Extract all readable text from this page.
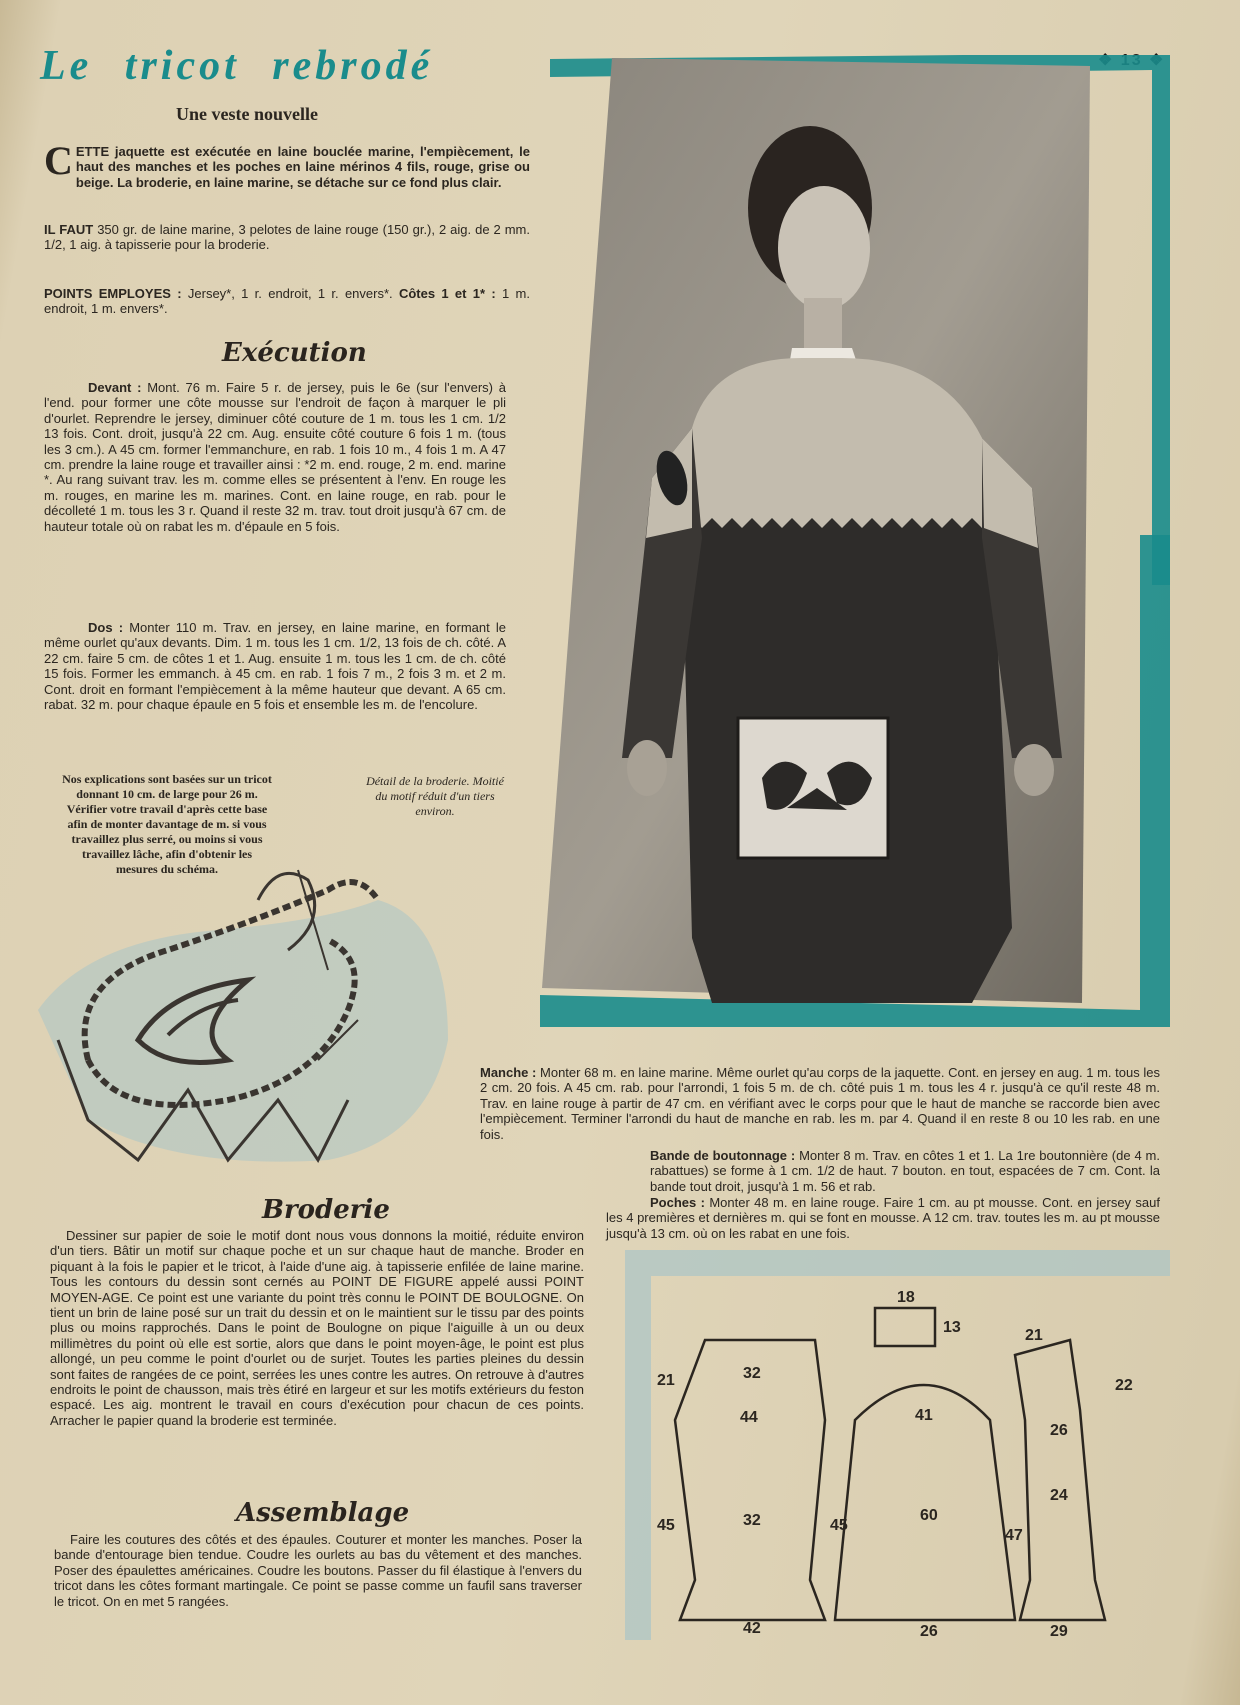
Le tricot rebrodé
Une veste nouvelle
CETTE jaquette est exécutée en laine bouclée marine, l'empiècement, le haut des manches et les poches en laine mérinos 4 fils, rouge, grise ou beige. La broderie, en laine marine, se détache sur ce fond plus clair.
IL FAUT 350 gr. de laine marine, 3 pelotes de laine rouge (150 gr.), 2 aig. de 2 mm. 1/2, 1 aig. à tapisserie pour la broderie.
POINTS EMPLOYES : Jersey*, 1 r. endroit, 1 r. envers*. Côtes 1 et 1* : 1 m. endroit, 1 m. envers*.
Exécution
Devant : Mont. 76 m. Faire 5 r. de jersey, puis le 6e (sur l'envers) à l'end. pour former une côte mousse sur l'endroit de façon à marquer le pli d'ourlet. Reprendre le jersey, diminuer côté couture de 1 m. tous les 1 cm. 1/2 13 fois. Cont. droit, jusqu'à 22 cm. Aug. ensuite côté couture 6 fois 1 m. (tous les 3 cm.). A 45 cm. former l'emmanchure, en rab. 1 fois 10 m., 4 fois 1 m. A 47 cm. prendre la laine rouge et travailler ainsi : *2 m. end. rouge, 2 m. end. marine *. Au rang suivant trav. les m. comme elles se présentent à l'env. En rouge les m. rouges, en marine les m. marines. Cont. en laine rouge, en rab. pour le décolleté 1 m. tous les 3 r. Quand il reste 32 m. trav. tout droit jusqu'à 67 cm. de hauteur totale où on rabat les m. d'épaule en 5 fois.
Dos : Monter 110 m. Trav. en jersey, en laine marine, en formant le même ourlet qu'aux devants. Dim. 1 m. tous les 1 cm. 1/2, 13 fois de ch. côté. A 22 cm. faire 5 cm. de côtes 1 et 1. Aug. ensuite 1 m. tous les 1 cm. de ch. côté 15 fois. Former les emmanch. à 45 cm. en rab. 1 fois 7 m., 2 fois 3 m. et 2 m. Cont. droit en formant l'empiècement à la même hauteur que devant. A 65 cm. rabat. 32 m. pour chaque épaule en 5 fois et ensemble les m. de l'encolure.
Nos explications sont basées sur un tricot donnant 10 cm. de large pour 26 m. Vérifier votre travail d'après cette base afin de monter davantage de m. si vous travaillez plus serré, ou moins si vous travaillez lâche, afin d'obtenir les mesures du schéma.
Détail de la broderie. Moitié du motif réduit d'un tiers environ.
Manche : Monter 68 m. en laine marine. Même ourlet qu'au corps de la jaquette. Cont. en jersey en aug. 1 m. tous les 2 cm. 20 fois. A 45 cm. rab. pour l'arrondi, 1 fois 5 m. de ch. côté puis 1 m. tous les 4 r. jusqu'à ce qu'il reste 48 m. Trav. en laine rouge à partir de 47 cm. en vérifiant avec le corps pour que le haut de manche se raccorde bien avec l'empiècement. Terminer l'arrondi du haut de manche en rab. les m. par 4. Quand il en reste 8 ou 10 les rab. en une fois.
Bande de boutonnage : Monter 8 m. Trav. en côtes 1 et 1. La 1re boutonnière (de 4 m. rabattues) se forme à 1 cm. 1/2 de haut. 7 bouton. en tout, espacées de 7 cm. Cont. la bande tout droit, jusqu'à 1 m. 56 et rab.
Poches : Monter 48 m. en laine rouge. Faire 1 cm. au pt mousse. Cont. en jersey sauf les 4 premières et dernières m. qui se font en mousse. A 12 cm. trav. toutes les m. au pt mousse jusqu'à 13 cm. où on les rabat en une fois.
Broderie
Dessiner sur papier de soie le motif dont nous vous donnons la moitié, réduite environ d'un tiers. Bâtir un motif sur chaque poche et un sur chaque haut de manche. Broder en piquant à la fois le papier et le tricot, à l'aide d'une aig. à tapisserie enfilée de laine marine. Tous les contours du dessin sont cernés au POINT DE FIGURE appelé aussi POINT MOYEN-AGE. Ce point est une variante du point très connu le POINT DE BOULOGNE. On tient un brin de laine posé sur un trait du dessin et on le maintient sur le tissu par des points plus ou moins rapprochés. Dans le point de Boulogne on pique l'aiguille à un ou deux millimètres du point où elle est sortie, alors que dans le point moyen-âge, le point est plus allongé, un peu comme le point d'ourlet ou de surjet. Toutes les parties pleines du dessin sont faites de rangées de ce point, serrées les unes contre les autres. On retrouve à d'autres endroits le point de chausson, mais très étiré en largeur et sur les motifs extérieurs du feston espacé. Les aig. montrent le travail en cours d'exécution pour chacun de ces points. Arracher le papier quand la broderie est terminée.
Assemblage
Faire les coutures des côtés et des épaules. Couturer et monter les manches. Poser la bande d'entourage bien tendue. Coudre les ourlets au bas du vêtement et des manches. Poser des épaulettes américaines. Coudre les boutons. Passer du fil élastique à l'envers du tricot dans les côtes formant martingale. Ce point se passe comme un faufil sans traverser le tricot. On en met 5 rangées.
18
13
32
44
32
42
21
45
41
60
26
45
21
22
26
24
47
29
